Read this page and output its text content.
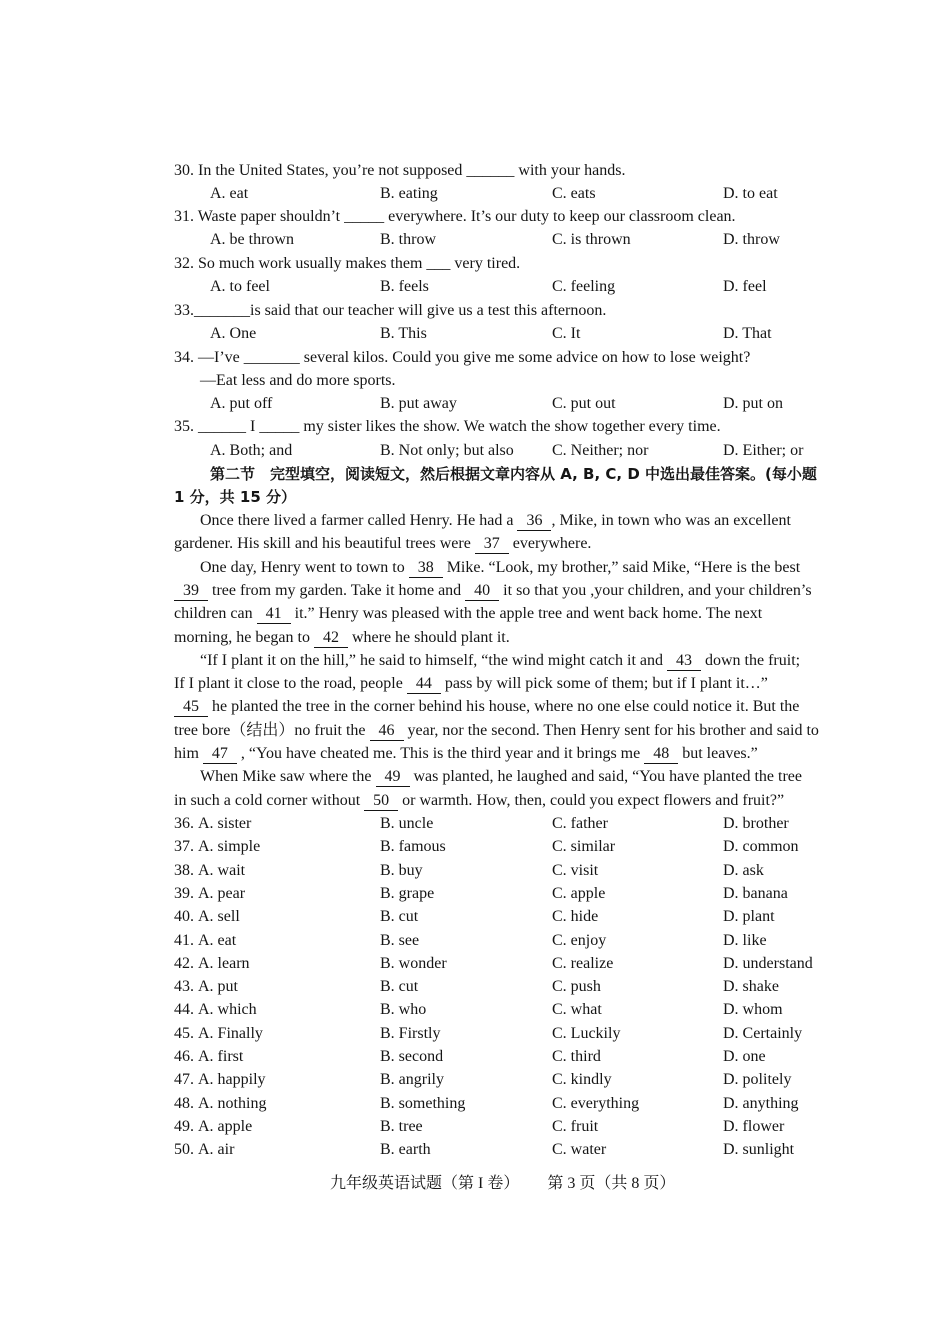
30. In the United States, you’re not supposed ______ with your hands.
A. eat	B. eating	C. eats	D. to eat
31. Waste paper shouldn’t _____ everywhere. It’s our duty to keep our classroom clean.
A. be thrown	B. throw	C. is thrown	D. throw
32. So much work usually makes them ___ very tired.
A. to feel	B. feels	C. feeling	D. feel
33._______is said that our teacher will give us a test this afternoon.
A. One	B. This	C. It	D. That
34. —I’ve _______ several kilos. Could you give me some advice on how to lose weight?
—Eat less and do more sports.
A. put off	B. put away	C. put out	D. put on
35. ______ I _____ my sister likes the show. We watch the show together every time.
A. Both; and	B. Not only; but also C. Neither; nor	D. Either; or
第二节　完型填空，阅读短文，然后根据文章内容从 A, B, C, D 中选出最佳答案。(每小题
1 分，共 15 分）
Once there lived a farmer called Henry. He had a 36 , Mike, in town who was an excellent
gardener. His skill and his beautiful trees were 37 everywhere.
One day, Henry went to town to 38 Mike. “Look, my brother,” said Mike, “Here is the best
39 tree from my garden. Take it home and 40 it so that you ,your children, and your children’s
children can 41 it.” Henry was pleased with the apple tree and went back home. The next
morning, he began to 42 where he should plant it.
“If I plant it on the hill,” he said to himself, “the wind might catch it and 43 down the fruit;
If I plant it close to the road, people 44 pass by will pick some of them; but if I plant it…”
45 he planted the tree in the corner behind his house, where no one else could notice it. But the
tree bore（结出）no fruit the 46 year, nor the second. Then Henry sent for his brother and said to
him 47 , “You have cheated me. This is the third year and it brings me 48 but leaves.”
When Mike saw where the 49 was planted, he laughed and said, “You have planted the tree
in such a cold corner without 50 or warmth. How, then, could you expect flowers and fruit?”
36. A. sister	B. uncle	C. father	D. brother
37. A. simple	B. famous	C. similar	D. common
38. A. wait	B. buy	C. visit	D. ask
39. A. pear	B. grape	C. apple	D. banana
40. A. sell	B. cut	C. hide	D. plant
41. A. eat	B. see	C. enjoy	D. like
42. A. learn	B. wonder	C. realize	D. understand
43. A. put	B. cut	C. push	D. shake
44. A. which	B. who	C. what	D. whom
45. A. Finally	B. Firstly	C. Luckily	D. Certainly
46. A. first	B. second	C. third	D. one
47. A. happily	B. angrily	C. kindly	D. politely
48. A. nothing	B. something	C. everything	D. anything
49. A. apple	B. tree	C. fruit	D. flower
50. A. air	B. earth	C. water	D. sunlight
九年级英语试题（第 I 卷） 第 3 页（共 8 页）
